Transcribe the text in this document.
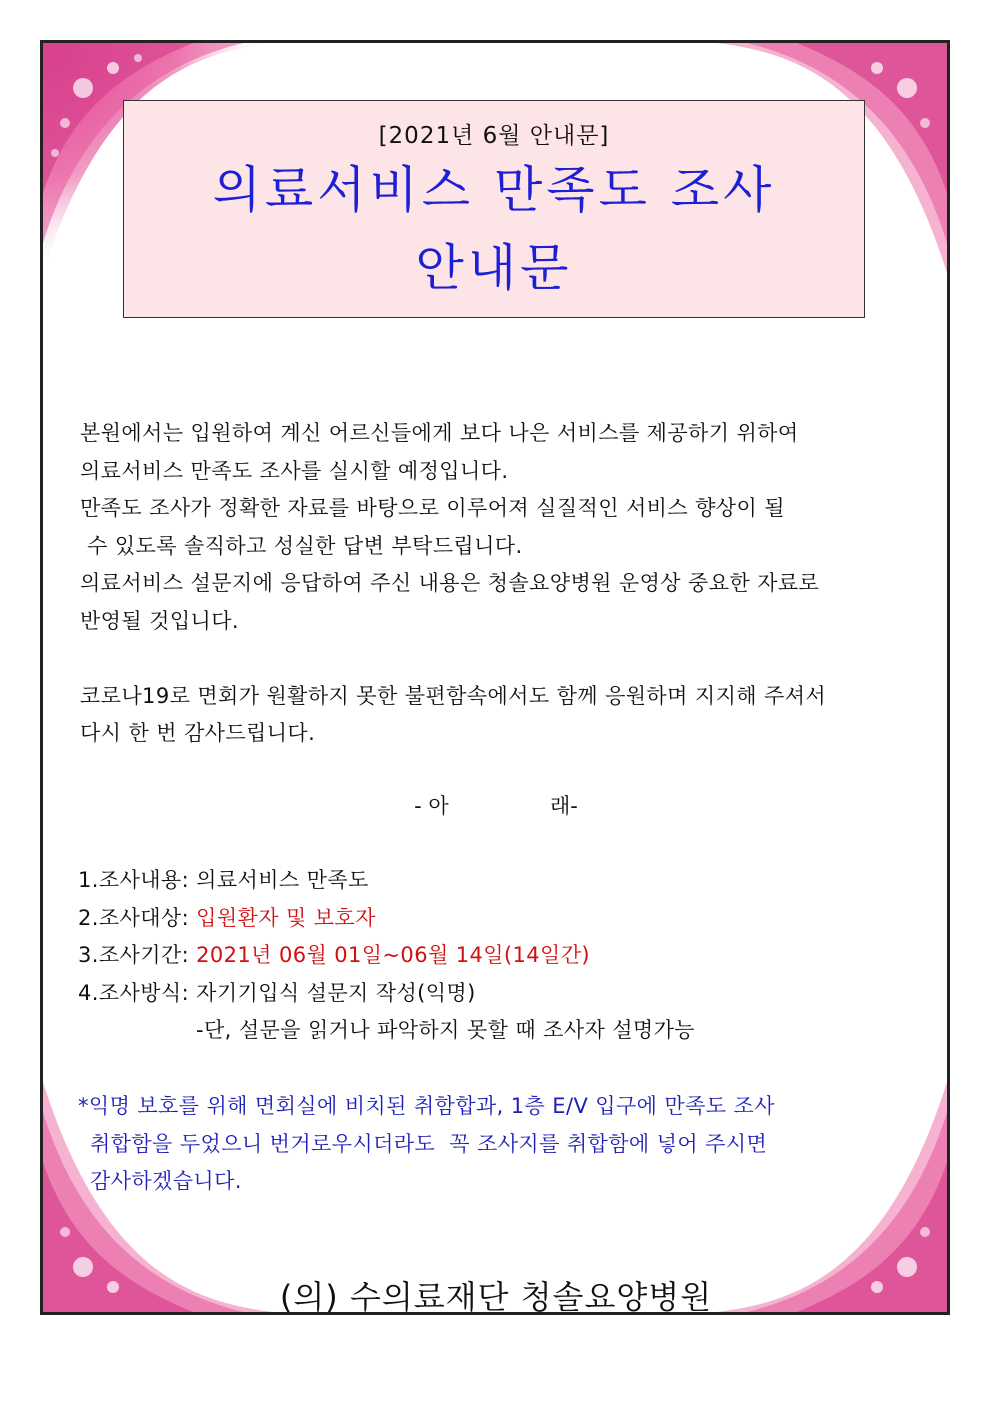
[2021년 6월 안내문]
의료서비스 만족도 조사
안내문

본원에서는 입원하여 계신 어르신들에게 보다 나은 서비스를 제공하기 위하여

의료서비스 만족도 조사를 실시할 예정입니다.

만족도 조사가 정확한 자료를 바탕으로 이루어져 실질적인 서비스 향상이 될

수 있도록 솔직하고 성실한 답변 부탁드립니다.

의료서비스 설문지에 응답하여 주신 내용은 청솔요양병원 운영상 중요한 자료로

반영될 것입니다.

코로나19로 면회가 원활하지 못한 불편함속에서도 함께 응원하며 지지해 주셔서

다시 한 번 감사드립니다.

- 아	래-

1.조사내용: 의료서비스 만족도

2.조사대상: 입원환자 및 보호자

3.조사기간: 2021년 06월 01일~06월 14일(14일간)

4.조사방식: 자기기입식 설문지 작성(익명)

-단, 설문을 읽거나 파악하지 못할 때 조사자 설명가능

*익명 보호를 위해 면회실에 비치된 취함합과, 1층 E/V 입구에 만족도 조사

취합함을 두었으니 번거로우시더라도  꼭 조사지를 취합함에 넣어 주시면

감사하겠습니다.

(의) 수의료재단 청솔요양병원
